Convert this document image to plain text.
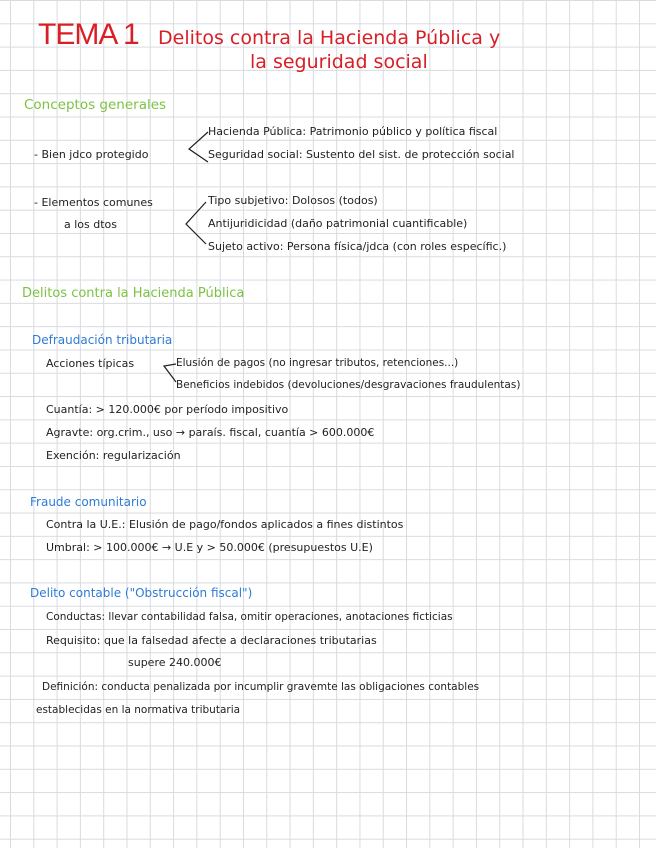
TEMA 1 Delitos contra la Hacienda Pública y
la seguridad social
Conceptos generales
- Bien jdco protegido
Hacienda Pública: Patrimonio público y política fiscal
Seguridad social: Sustento del sist. de protección social
- Elementos comunes
a los dtos
Tipo subjetivo: Dolosos (todos)
Antijuridicidad (daño patrimonial cuantificable)
Sujeto activo: Persona física/jdca (con roles específic.)
Delitos contra la Hacienda Pública
Defraudación tributaria
Acciones típicas	Elusión de pagos (no ingresar tributos, retenciones...)
Beneficios indebidos (devoluciones/desgravaciones fraudulentas)
Cuantía: > 120.000€ por período impositivo
Agravte: org.crim., uso → paraís. fiscal, cuantía > 600.000€
Exención: regularización
Fraude comunitario
Contra la U.E.: Elusión de pago/fondos aplicados a fines distintos
Umbral: > 100.000€ → U.E y > 50.000€ (presupuestos U.E)
Delito contable ("Obstrucción fiscal")
Conductas: llevar contabilidad falsa, omitir operaciones, anotaciones ficticias
Requisito: que la falsedad afecte a declaraciones tributarias
supere 240.000€
Definición: conducta penalizada por incumplir gravemte las obligaciones contables
establecidas en la normativa tributaria
